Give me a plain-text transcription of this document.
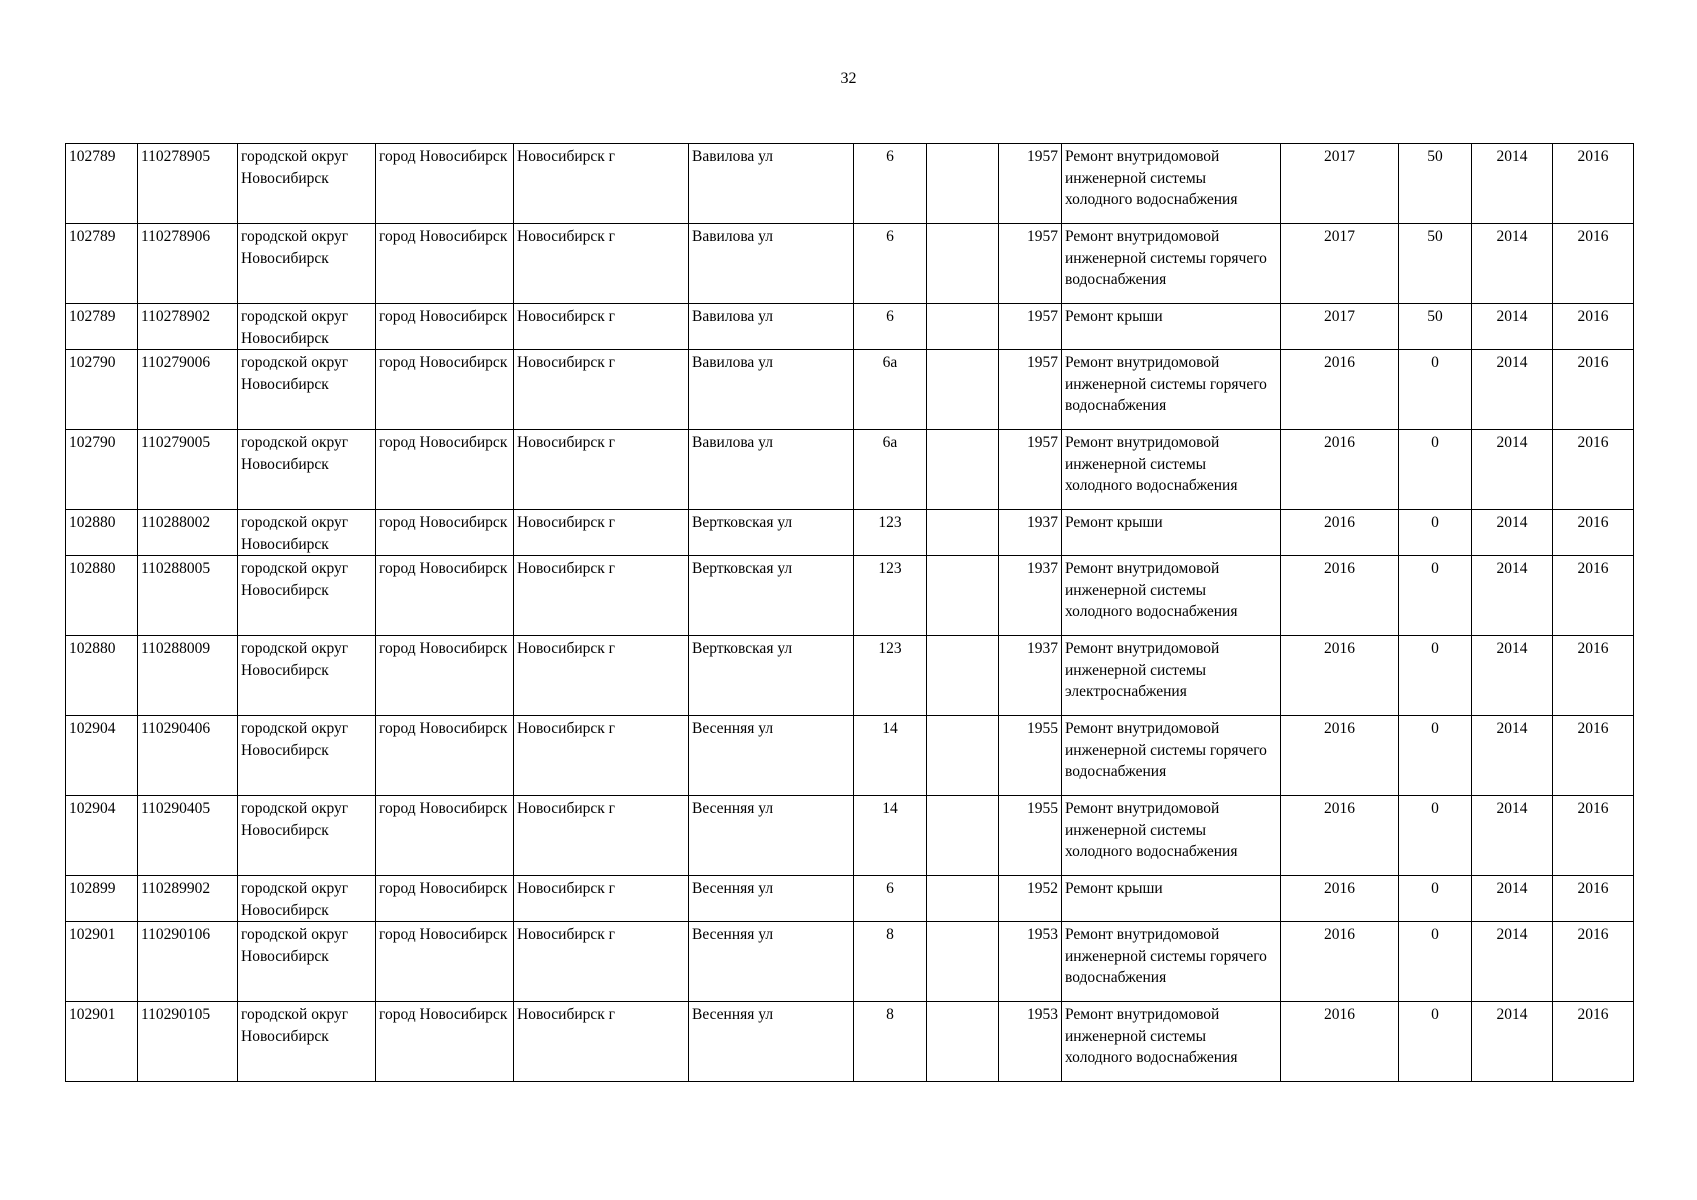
32
102789	110278905	городской округ Новосибирск	город Новосибирск	Новосибирск г	Вавилова ул	6		1957	Ремонт внутридомовой инженерной системы холодного водоснабжения	2017	50	2014	2016
102789	110278906	городской округ Новосибирск	город Новосибирск	Новосибирск г	Вавилова ул	6		1957	Ремонт внутридомовой инженерной системы горячего водоснабжения	2017	50	2014	2016
102789	110278902	городской округ Новосибирск	город Новосибирск	Новосибирск г	Вавилова ул	6		1957	Ремонт крыши	2017	50	2014	2016
102790	110279006	городской округ Новосибирск	город Новосибирск	Новосибирск г	Вавилова ул	6а		1957	Ремонт внутридомовой инженерной системы горячего водоснабжения	2016	0	2014	2016
102790	110279005	городской округ Новосибирск	город Новосибирск	Новосибирск г	Вавилова ул	6а		1957	Ремонт внутридомовой инженерной системы холодного водоснабжения	2016	0	2014	2016
102880	110288002	городской округ Новосибирск	город Новосибирск	Новосибирск г	Вертковская ул	123		1937	Ремонт крыши	2016	0	2014	2016
102880	110288005	городской округ Новосибирск	город Новосибирск	Новосибирск г	Вертковская ул	123		1937	Ремонт внутридомовой инженерной системы холодного водоснабжения	2016	0	2014	2016
102880	110288009	городской округ Новосибирск	город Новосибирск	Новосибирск г	Вертковская ул	123		1937	Ремонт внутридомовой инженерной системы электроснабжения	2016	0	2014	2016
102904	110290406	городской округ Новосибирск	город Новосибирск	Новосибирск г	Весенняя ул	14		1955	Ремонт внутридомовой инженерной системы горячего водоснабжения	2016	0	2014	2016
102904	110290405	городской округ Новосибирск	город Новосибирск	Новосибирск г	Весенняя ул	14		1955	Ремонт внутридомовой инженерной системы холодного водоснабжения	2016	0	2014	2016
102899	110289902	городской округ Новосибирск	город Новосибирск	Новосибирск г	Весенняя ул	6		1952	Ремонт крыши	2016	0	2014	2016
102901	110290106	городской округ Новосибирск	город Новосибирск	Новосибирск г	Весенняя ул	8		1953	Ремонт внутридомовой инженерной системы горячего водоснабжения	2016	0	2014	2016
102901	110290105	городской округ Новосибирск	город Новосибирск	Новосибирск г	Весенняя ул	8		1953	Ремонт внутридомовой инженерной системы холодного водоснабжения	2016	0	2014	2016
